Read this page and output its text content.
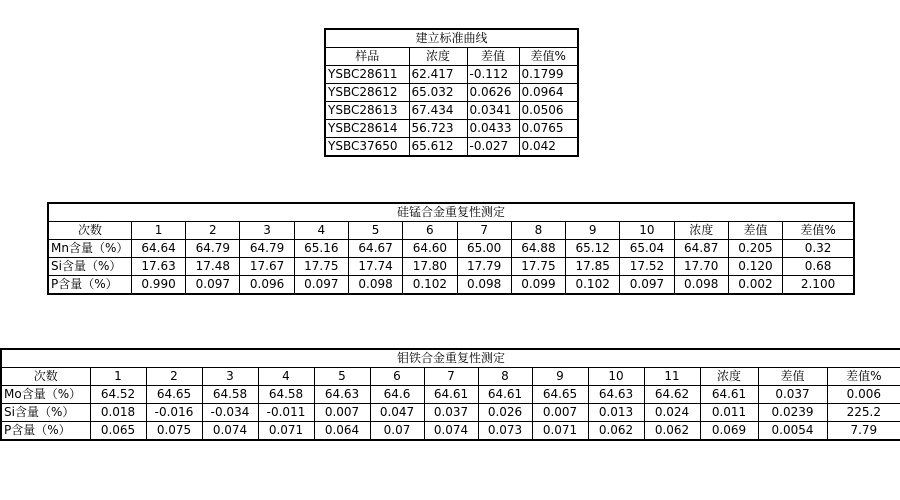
建立标准曲线			
样品	浓度	差值	差值%
YSBC28611	62.417	-0.112	0.1799
YSBC28612	65.032	0.0626	0.0964
YSBC28613	67.434	0.0341	0.0506
YSBC28614	56.723	0.0433	0.0765
YSBC37650	65.612	-0.027	0.042
硅锰合金重复性测定													
次数	1	2	3	4	5	6	7	8	9	10	浓度	差值	差值%
Mn含量（%）	64.64	64.79	64.79	65.16	64.67	64.60	65.00	64.88	65.12	65.04	64.87	0.205	0.32
Si含量（%）	17.63	17.48	17.67	17.75	17.74	17.80	17.79	17.75	17.85	17.52	17.70	0.120	0.68
P含量（%）	0.990	0.097	0.096	0.097	0.098	0.102	0.098	0.099	0.102	0.097	0.098	0.002	2.100
钼铁合金重复性测定														
次数	1	2	3	4	5	6	7	8	9	10	11	浓度	差值	差值%
Mo含量（%）	64.52	64.65	64.58	64.58	64.63	64.6	64.61	64.61	64.65	64.63	64.62	64.61	0.037	0.006
Si含量（%）	0.018	-0.016	-0.034	-0.011	0.007	0.047	0.037	0.026	0.007	0.013	0.024	0.011	0.0239	225.2
P含量（%）	0.065	0.075	0.074	0.071	0.064	0.07	0.074	0.073	0.071	0.062	0.062	0.069	0.0054	7.79
